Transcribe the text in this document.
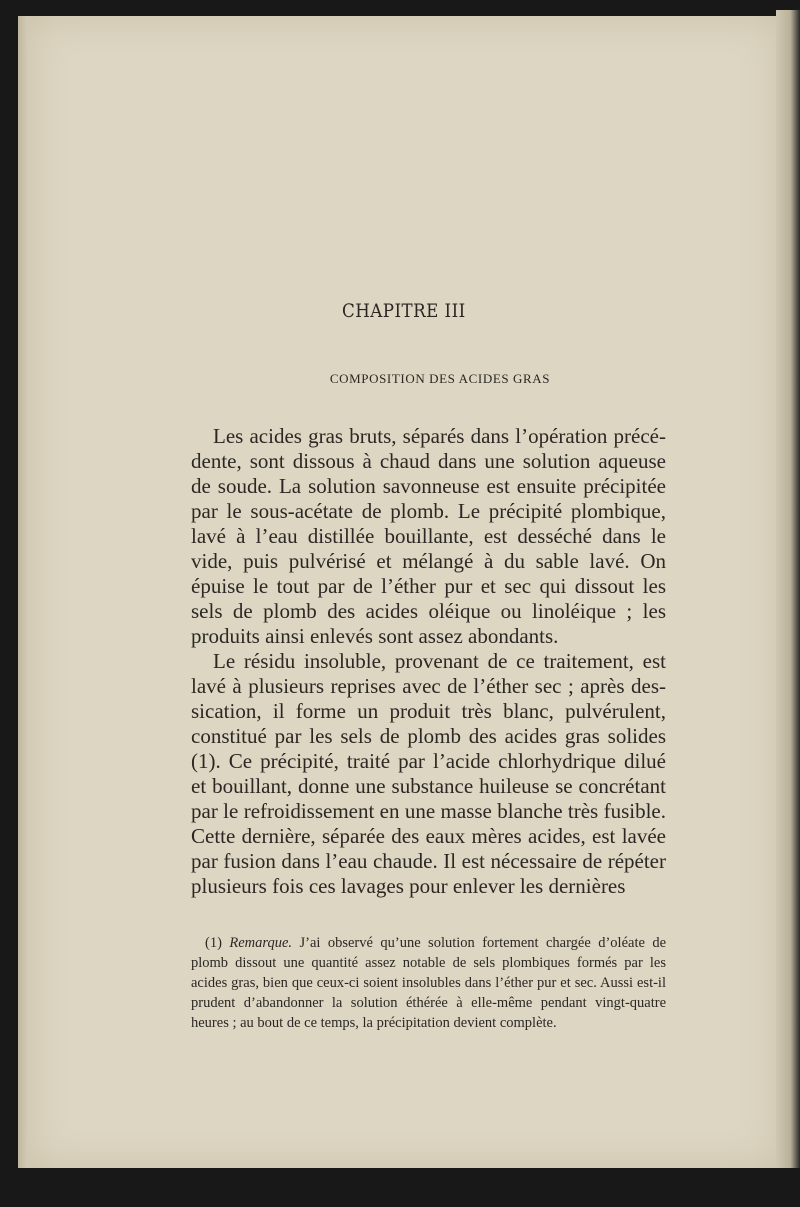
CHAPITRE III
COMPOSITION DES ACIDES GRAS

Les acides gras bruts, séparés dans l’opération précédente, sont dissous à chaud dans une solution aqueuse de soude. La solution savonneuse est ensuite précipitée par le sous-acétate de plomb. Le précipité plombique, lavé à l’eau distillée bouillante, est desséché dans le vide, puis pulvérisé et mélangé à du sable lavé. On épuise le tout par de l’éther pur et sec qui dissout les sels de plomb des acides oléique ou linoléique ; les produits ainsi enlevés sont assez abondants.

Le résidu insoluble, provenant de ce traitement, est lavé à plusieurs reprises avec de l’éther sec ; après dessication, il forme un produit très blanc, pulvérulent, constitué par les sels de plomb des acides gras solides (1). Ce précipité, traité par l’acide chlorhydrique dilué et bouillant, donne une substance huileuse se concrétant par le refroidissement en une masse blanche très fusible. Cette dernière, séparée des eaux mères acides, est lavée par fusion dans l’eau chaude. Il est nécessaire de répéter plusieurs fois ces lavages pour enlever les dernières

(1) Remarque. J’ai observé qu’une solution fortement chargée d’oléate de plomb dissout une quantité assez notable de sels plombiques formés par les acides gras, bien que ceux-ci soient insolubles dans l’éther pur et sec. Aussi est-il prudent d’abandonner la solution éthérée à elle-même pendant vingt-quatre heures ; au bout de ce temps, la précipitation devient complète.
